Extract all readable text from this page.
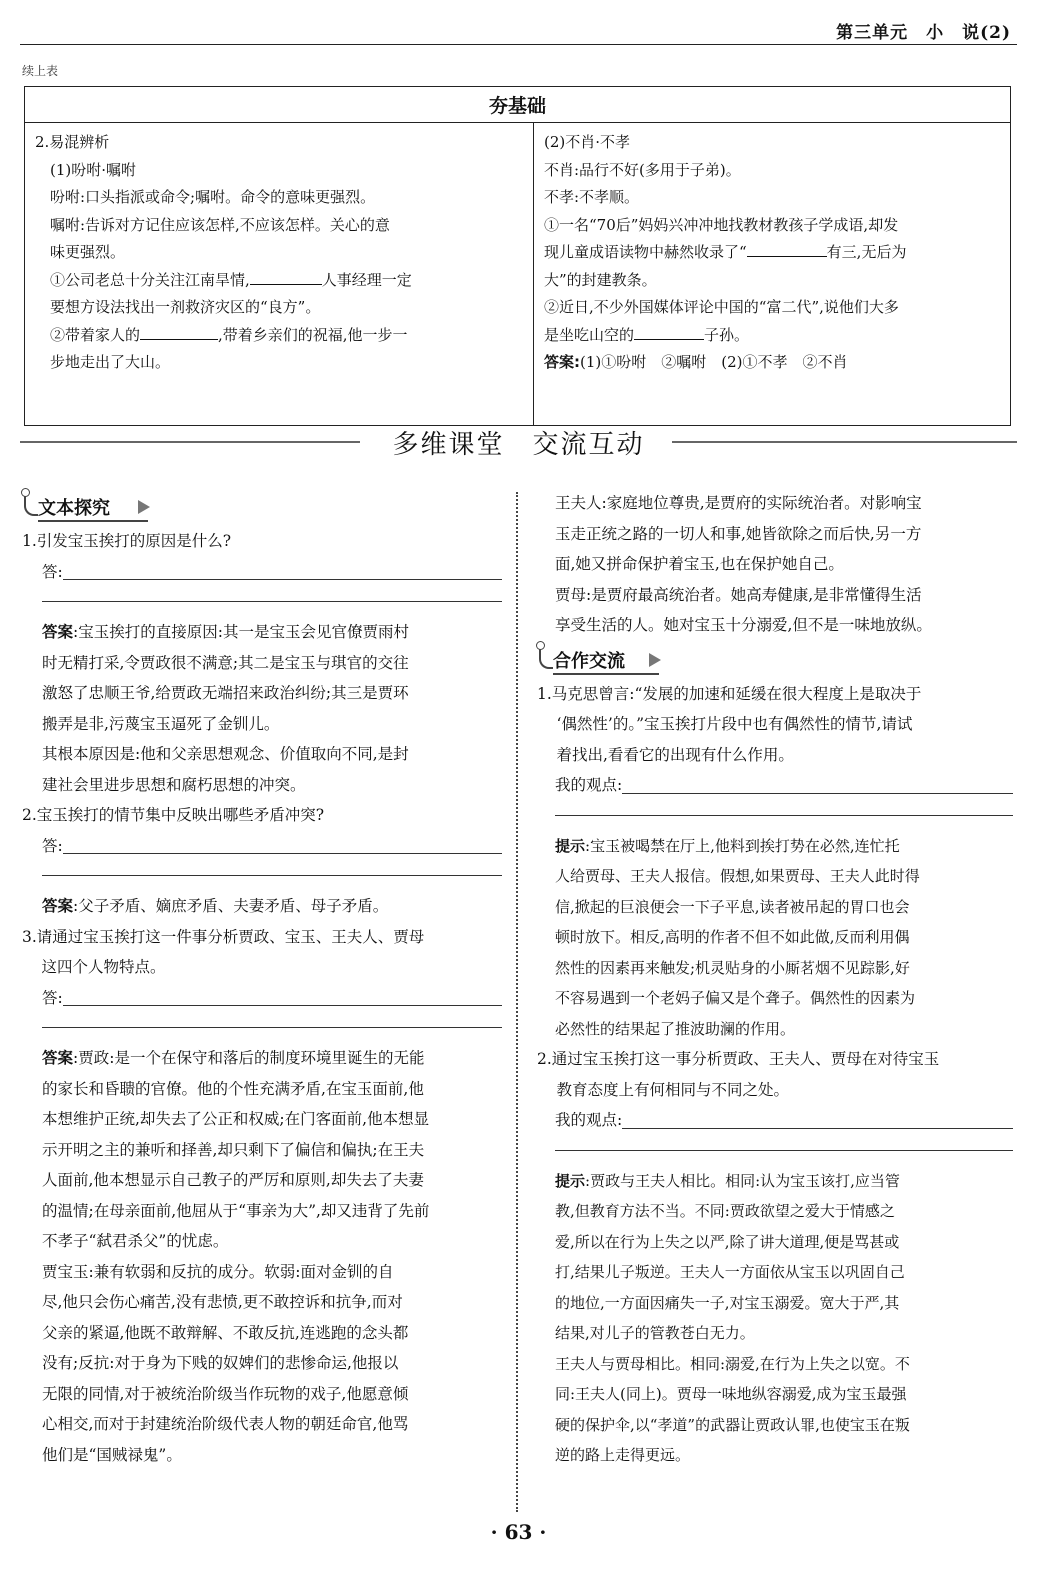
第三单元　小　说(2)
续上表
夯基础

2.易混辨析

　(1)吩咐·嘱咐

　吩咐:口头指派或命令;嘱咐。命令的意味更强烈。

　嘱咐:告诉对方记住应该怎样,不应该怎样。关心的意

　味更强烈。

　①公司老总十分关注江南旱情,	人事经理一定

　要想方设法找出一剂救济灾区的“良方”。

　②带着家人的	,带着乡亲们的祝福,他一步一

　步地走出了大山。

(2)不肖·不孝

不肖:品行不好(多用于子弟)。

不孝:不孝顺。

①一名“70后”妈妈兴冲冲地找教材教孩子学成语,却发

现儿童成语读物中赫然收录了“	有三,无后为

大”的封建教条。

②近日,不少外国媒体评论中国的“富二代”,说他们大多

是坐吃山空的	子孙。

答案:(1)①吩咐　②嘱咐　(2)①不孝　②不肖

多维课堂　交流互动
文本探究

1.引发宝玉挨打的原因是什么?

答:

答案:宝玉挨打的直接原因:其一是宝玉会见官僚贾雨村

时无精打采,令贾政很不满意;其二是宝玉与琪官的交往

激怒了忠顺王爷,给贾政无端招来政治纠纷;其三是贾环

搬弄是非,污蔑宝玉逼死了金钏儿。

其根本原因是:他和父亲思想观念、价值取向不同,是封

建社会里进步思想和腐朽思想的冲突。

2.宝玉挨打的情节集中反映出哪些矛盾冲突?

答:

答案:父子矛盾、嫡庶矛盾、夫妻矛盾、母子矛盾。

3.请通过宝玉挨打这一件事分析贾政、宝玉、王夫人、贾母

　这四个人物特点。

答:

答案:贾政:是一个在保守和落后的制度环境里诞生的无能

的家长和昏聩的官僚。他的个性充满矛盾,在宝玉面前,他

本想维护正统,却失去了公正和权威;在门客面前,他本想显

示开明之主的兼听和择善,却只剩下了偏信和偏执;在王夫

人面前,他本想显示自己教子的严厉和原则,却失去了夫妻

的温情;在母亲面前,他屈从于“事亲为大”,却又违背了先前

不孝子“弑君杀父”的忧虑。

贾宝玉:兼有软弱和反抗的成分。软弱:面对金钏的自

尽,他只会伤心痛苦,没有悲愤,更不敢控诉和抗争,而对

父亲的紧逼,他既不敢辩解、不敢反抗,连逃跑的念头都

没有;反抗:对于身为下贱的奴婢们的悲惨命运,他报以

无限的同情,对于被统治阶级当作玩物的戏子,他愿意倾

心相交,而对于封建统治阶级代表人物的朝廷命官,他骂

他们是“国贼禄鬼”。

王夫人:家庭地位尊贵,是贾府的实际统治者。对影响宝

玉走正统之路的一切人和事,她皆欲除之而后快,另一方

面,她又拼命保护着宝玉,也在保护她自己。

贾母:是贾府最高统治者。她高寿健康,是非常懂得生活

享受生活的人。她对宝玉十分溺爱,但不是一味地放纵。

合作交流

1.马克思曾言:“发展的加速和延缓在很大程度上是取决于

　‘偶然性’的。”宝玉挨打片段中也有偶然性的情节,请试

　着找出,看看它的出现有什么作用。

我的观点:

提示:宝玉被喝禁在厅上,他料到挨打势在必然,连忙托

人给贾母、王夫人报信。假想,如果贾母、王夫人此时得

信,掀起的巨浪便会一下子平息,读者被吊起的胃口也会

顿时放下。相反,高明的作者不但不如此做,反而利用偶

然性的因素再来触发;机灵贴身的小厮茗烟不见踪影,好

不容易遇到一个老妈子偏又是个聋子。偶然性的因素为

必然性的结果起了推波助澜的作用。

2.通过宝玉挨打这一事分析贾政、王夫人、贾母在对待宝玉

　教育态度上有何相同与不同之处。

我的观点:

提示:贾政与王夫人相比。相同:认为宝玉该打,应当管

教,但教育方法不当。不同:贾政欲望之爱大于情感之

爱,所以在行为上失之以严,除了讲大道理,便是骂甚或

打,结果儿子叛逆。王夫人一方面依从宝玉以巩固自己

的地位,一方面因痛失一子,对宝玉溺爱。宽大于严,其

结果,对儿子的管教苍白无力。

王夫人与贾母相比。相同:溺爱,在行为上失之以宽。不

同:王夫人(同上)。贾母一味地纵容溺爱,成为宝玉最强

硬的保护伞,以“孝道”的武器让贾政认罪,也使宝玉在叛

逆的路上走得更远。

· 63 ·
